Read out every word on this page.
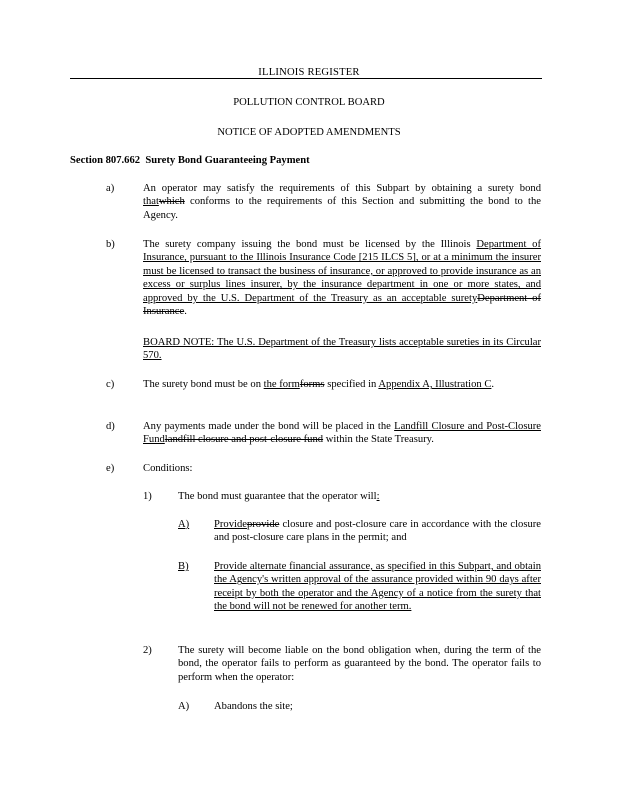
ILLINOIS REGISTER
POLLUTION CONTROL BOARD
NOTICE OF ADOPTED AMENDMENTS
Section 807.662 Surety Bond Guaranteeing Payment
a)	An operator may satisfy the requirements of this Subpart by obtaining a surety bond thatwhich conforms to the requirements of this Section and submitting the bond to the Agency.
b)	The surety company issuing the bond must be licensed by the Illinois Department of Insurance, pursuant to the Illinois Insurance Code [215 ILCS 5], or at a minimum the insurer must be licensed to transact the business of insurance, or approved to provide insurance as an excess or surplus lines insurer, by the insurance department in one or more states, and approved by the U.S. Department of the Treasury as an acceptable suretyDepartment of Insurance.
BOARD NOTE: The U.S. Department of the Treasury lists acceptable sureties in its Circular 570.
c)	The surety bond must be on the formforms specified in Appendix A, Illustration C.
d)	Any payments made under the bond will be placed in the Landfill Closure and Post-Closure Fundlandfill closure and post-closure fund within the State Treasury.
e)	Conditions:
1) The bond must guarantee that the operator will:
A) Provideprovide closure and post-closure care in accordance with the closure and post-closure care plans in the permit; and
B) Provide alternate financial assurance, as specified in this Subpart, and obtain the Agency's written approval of the assurance provided within 90 days after receipt by both the operator and the Agency of a notice from the surety that the bond will not be renewed for another term.
2) The surety will become liable on the bond obligation when, during the term of the bond, the operator fails to perform as guaranteed by the bond. The operator fails to perform when the operator:
A) Abandons the site;
